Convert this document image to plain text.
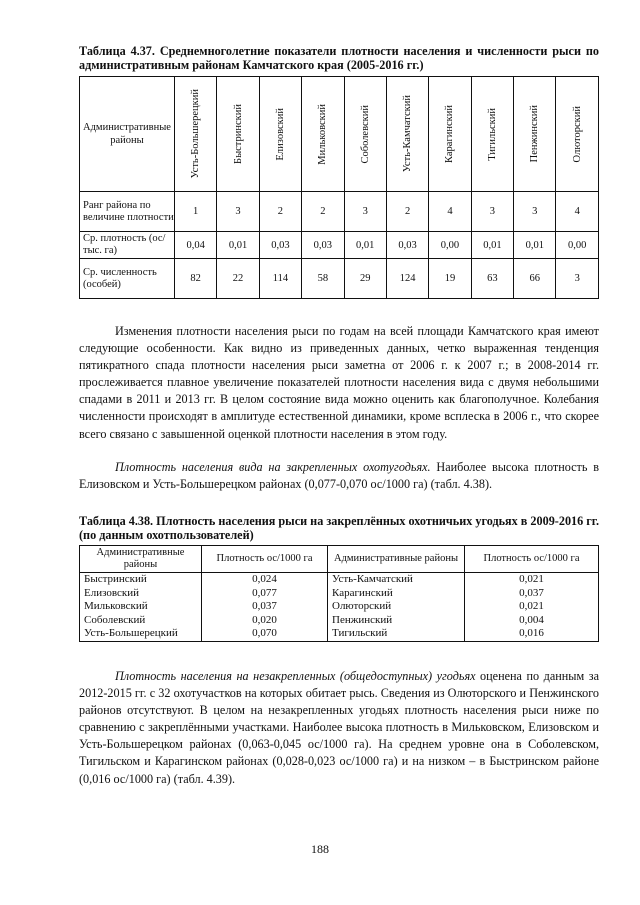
Таблица 4.37. Среднемноголетние показатели плотности населения и численности рыси по административным районам Камчатского края (2005-2016 гг.)
Административные районы	Усть-Большерецкий	Быстринский	Елизовский	Мильковский	Соболевский	Усть-Камчатский	Карагинский	Тигильский	Пенжинский	Олюторский

Ранг района по величине плотности	1	3	2	2	3	2	4	3	3	4
Ср. плотность (ос/тыс. га)	0,04	0,01	0,03	0,03	0,01	0,03	0,00	0,01	0,01	0,00
Ср. численность (особей)	82	22	114	58	29	124	19	63	66	3

Изменения плотности населения рыси по годам на всей площади Камчатского края имеют следующие особенности. Как видно из приведенных данных, четко выраженная тенденция пятикратного спада плотности населения рыси заметна от 2006 г. к 2007 г.; в 2008-2014 гг. прослеживается плавное увеличение показателей плотности населения вида с двумя небольшими спадами в 2011 и 2013 гг. В целом состояние вида можно оценить как благополучное. Колебания численности происходят в амплитуде естественной динамики, кроме всплеска в 2006 г., что скорее всего связано с завышенной оценкой плотности населения в этом году.

Плотность населения вида на закрепленных охотугодьях. Наиболее высока плотность в Елизовском и Усть-Большерецком районах (0,077-0,070 ос/1000 га) (табл. 4.38).

Таблица 4.38. Плотность населения рыси на закреплённых охотничьих угодьях в 2009-2016 гг. (по данным охотпользователей)
Административные районы	Плотность ос/1000 га	Административные районы	Плотность ос/1000 га
Быстринский	0,024	Усть-Камчатский	0,021
Елизовский	0,077	Карагинский	0,037
Мильковский	0,037	Олюторский	0,021
Соболевский	0,020	Пенжинский	0,004
Усть-Большерецкий	0,070	Тигильский	0,016

Плотность населения на незакрепленных (общедоступных) угодьях оценена по данным за 2012-2015 гг. с 32 охотучастков на которых обитает рысь. Сведения из Олюторского и Пенжинского районов отсутствуют. В целом на незакрепленных угодьях плотность населения рыси ниже по сравнению с закреплёнными участками. Наиболее высока плотность в Мильковском, Елизовском и Усть-Большерецком районах (0,063-0,045 ос/1000 га). На среднем уровне она в Соболевском, Тигильском и Карагинском районах (0,028-0,023 ос/1000 га) и на низком – в Быстринском районе (0,016 ос/1000 га) (табл. 4.39).

188
